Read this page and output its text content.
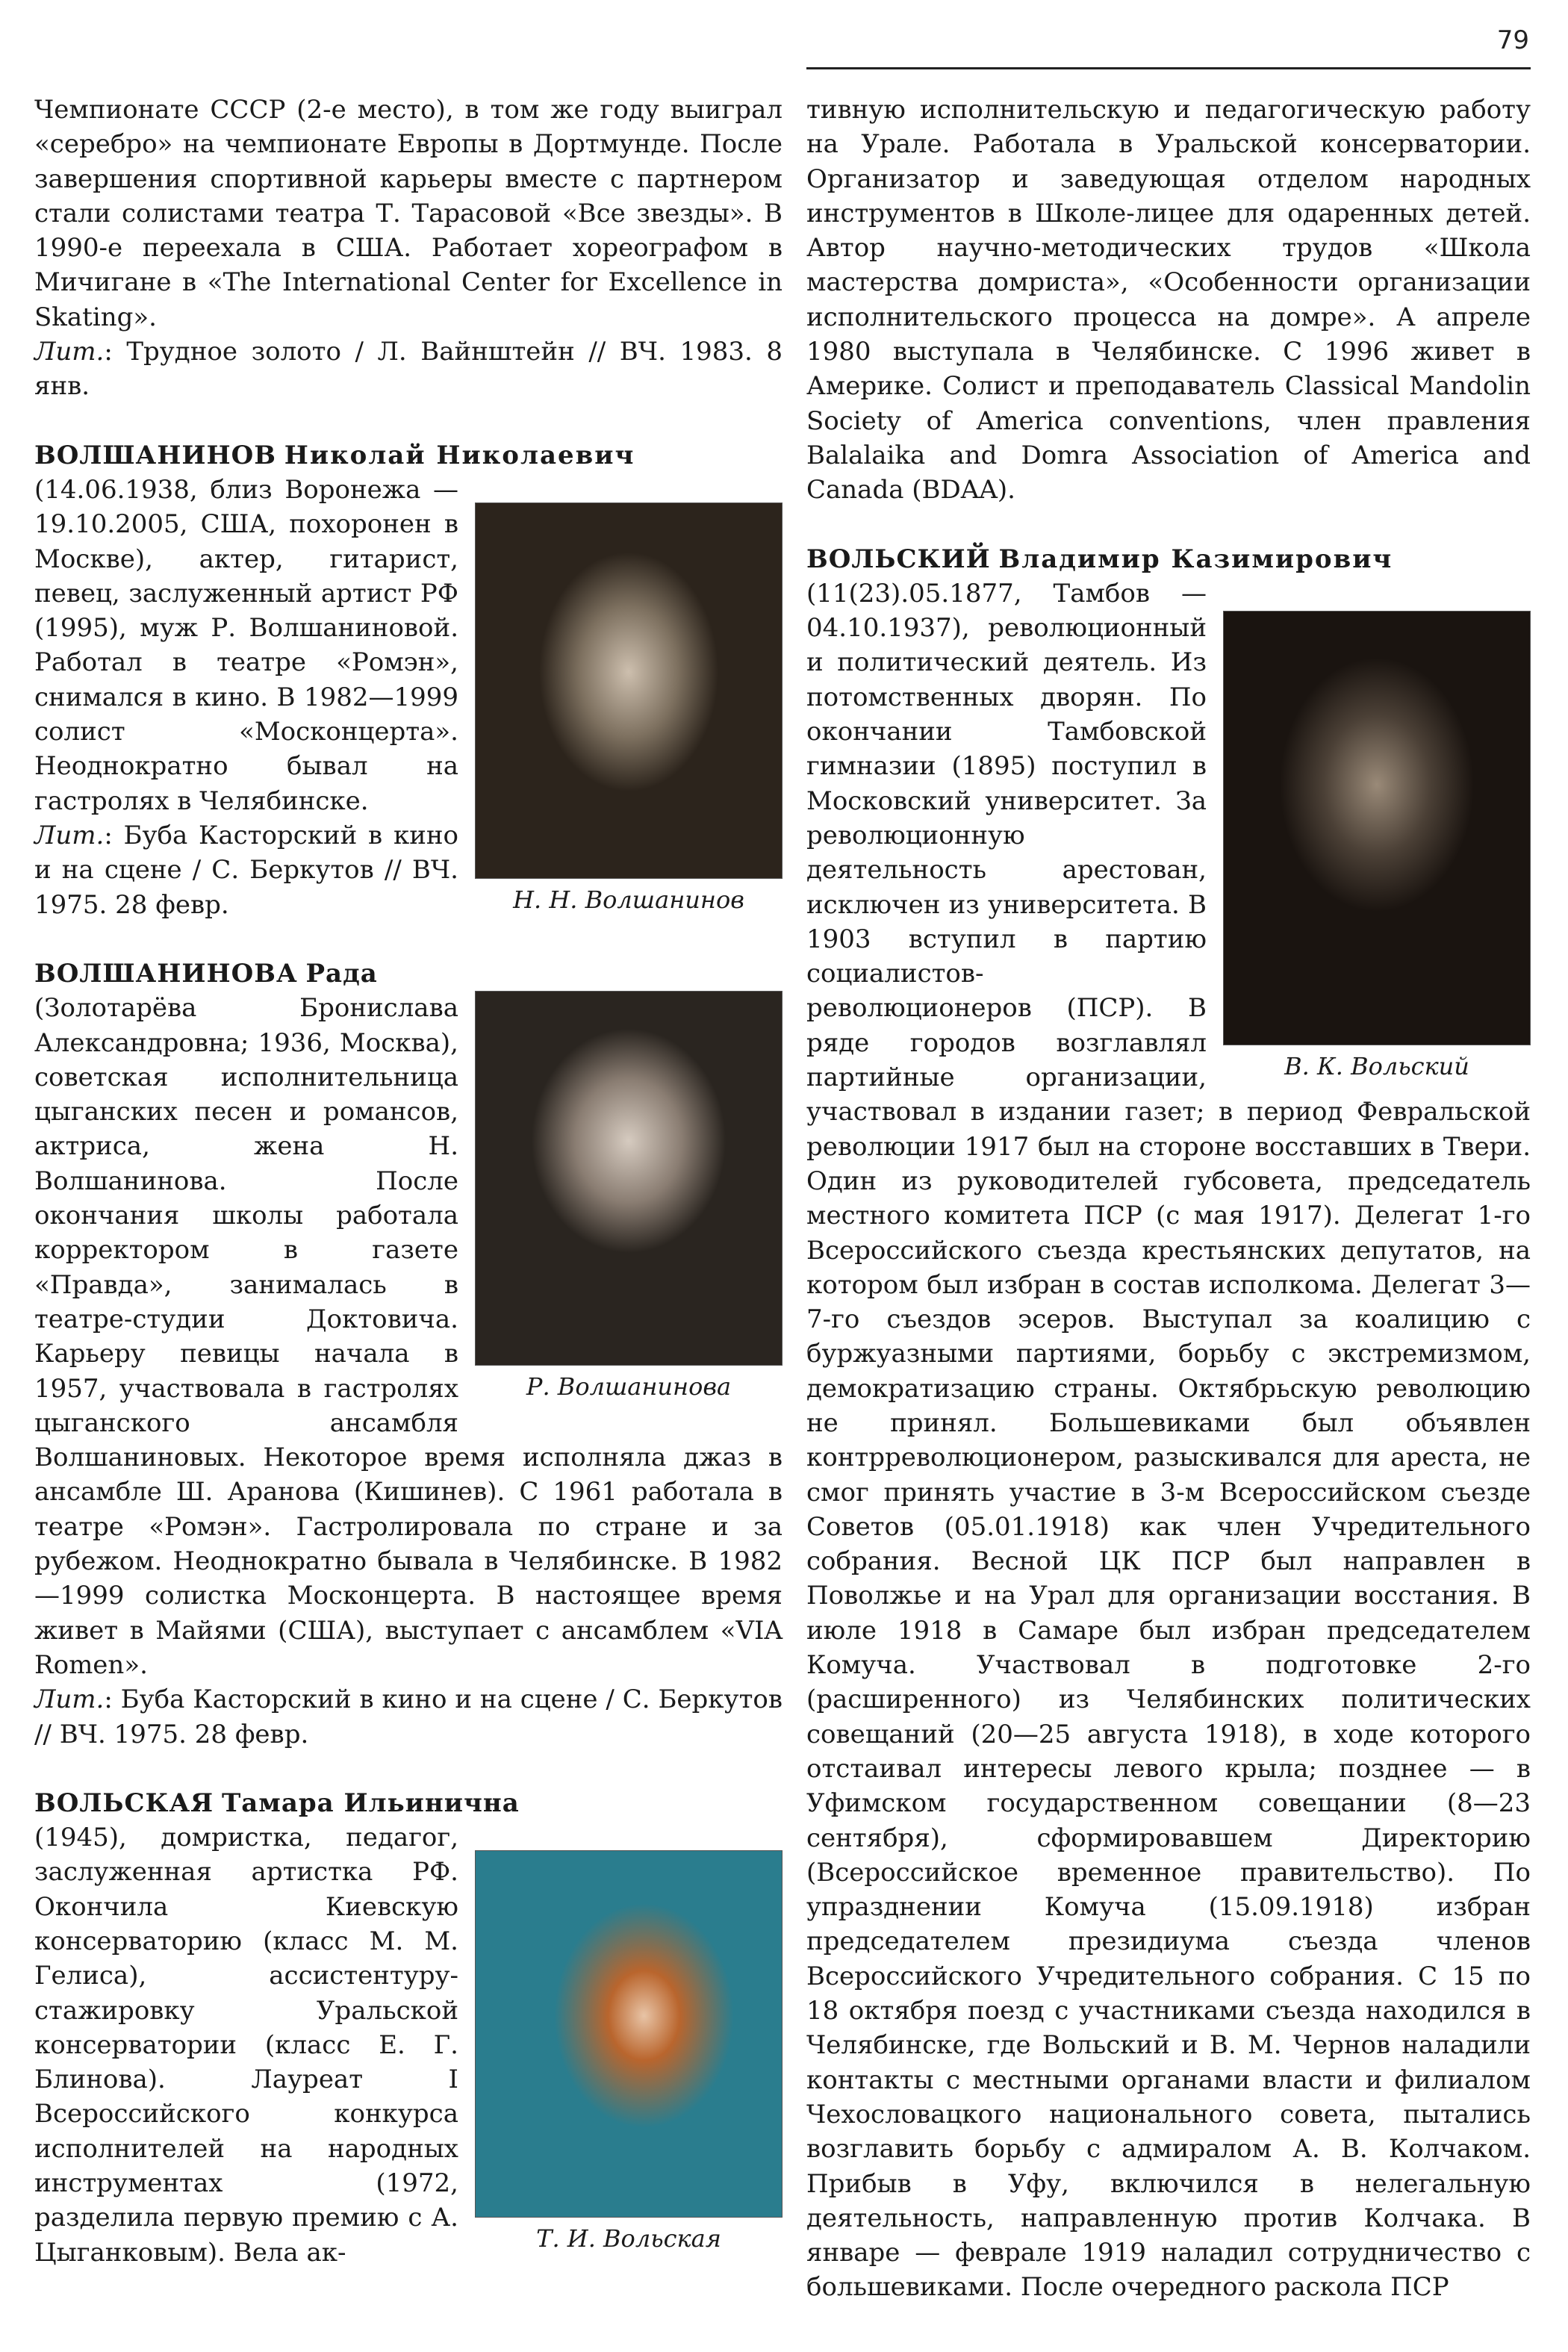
79

Чемпионате СССР (2-е место), в том же году выиграл «серебро» на чемпионате Европы в Дортмунде. После завершения спортивной карьеры вместе с партнером стали солистами театра Т. Тарасовой «Все звезды». В 1990-е переехала в США. Работает хореографом в Мичигане в «The International Center for Excellence in Skating».

Лит.: Трудное золото / Л. Вайнштейн // ВЧ. 1983. 8 янв.

ВОЛШАНИНОВ Николай Николаевич

Н. Н. Волшанинов

(14.06.1938, близ Воронежа — 19.10.2005, США, похоронен в Москве), актер, гитарист, певец, заслуженный артист РФ (1995), муж Р. Волшаниновой. Работал в театре «Ромэн», снимался в кино. В 1982—1999 солист «Москонцерта». Неоднократно бывал на гастролях в Челябинске.

Лит.: Буба Касторский в кино и на сцене / С. Беркутов // ВЧ. 1975. 28 февр.

ВОЛШАНИНОВА Рада

Р. Волшанинова

(Золотарёва Бронислава Александровна; 1936, Москва), советская исполнительница цыганских песен и романсов, актриса, жена Н. Волшанинова. После окончания школы работала корректором в газете «Правда», занималась в театре-студии Доктовича. Карьеру певицы начала в 1957, участвовала в гастролях цыганского ансамбля Волшаниновых. Некоторое время исполняла джаз в ансамбле Ш. Аранова (Кишинев). С 1961 работала в театре «Ромэн». Гастролировала по стране и за рубежом. Неоднократно бывала в Челябинске. В 1982—1999 солистка Москонцерта. В настоящее время живет в Майями (США), выступает с ансамблем «VIA Romen».

Лит.: Буба Касторский в кино и на сцене / С. Беркутов // ВЧ. 1975. 28 февр.

ВОЛЬСКАЯ Тамара Ильинична

Т. И. Вольская

(1945), домристка, педагог, заслуженная артистка РФ. Окончила Киевскую консерваторию (класс М. М. Гелиса), ассистентуру-стажировку Уральской консерватории (класс Е. Г. Блинова). Лауреат I Всероссийского конкурса исполнителей на народных инструментах (1972, разделила первую премию с А. Цыганковым). Вела ак-

тивную исполнительскую и педагогическую работу на Урале. Работала в Уральской консерватории. Организатор и заведующая отделом народных инструментов в Школе-лицее для одаренных детей. Автор научно-методических трудов «Школа мастерства домриста», «Особенности организации исполнительского процесса на домре». А апреле 1980 выступала в Челябинске. С 1996 живет в Америке. Солист и преподаватель Classical Mandolin Society of America conventions, член правления Balalaika and Domra Association of America and Canada (BDAA).

ВОЛЬСКИЙ Владимир Казимирович

В. К. Вольский

(11(23).05.1877, Тамбов — 04.10.1937), революционный и политический деятель. Из потомственных дворян. По окончании Тамбовской гимназии (1895) поступил в Московский университет. За революционную деятельность арестован, исключен из университета. В 1903 вступил в партию социалистов-революционеров (ПСР). В ряде городов возглавлял партийные организации, участвовал в издании газет; в период Февральской революции 1917 был на стороне восставших в Твери. Один из руководителей губсовета, председатель местного комитета ПСР (с мая 1917). Делегат 1-го Всероссийского съезда крестьянских депутатов, на котором был избран в состав исполкома. Делегат 3—7-го съездов эсеров. Выступал за коалицию с буржуазными партиями, борьбу с экстремизмом, демократизацию страны. Октябрьскую революцию не принял. Большевиками был объявлен контрреволюционером, разыскивался для ареста, не смог принять участие в 3-м Всероссийском съезде Советов (05.01.1918) как член Учредительного собрания. Весной ЦК ПСР был направлен в Поволжье и на Урал для организации восстания. В июле 1918 в Самаре был избран председателем Комуча. Участвовал в подготовке 2-го (расширенного) из Челябинских политических совещаний (20—25 августа 1918), в ходе которого отстаивал интересы левого крыла; позднее — в Уфимском государственном совещании (8—23 сентября), сформировавшем Директорию (Всероссийское временное правительство). По упразднении Комуча (15.09.1918) избран председателем президиума съезда членов Всероссийского Учредительного собрания. С 15 по 18 октября поезд с участниками съезда находился в Челябинске, где Вольский и В. М. Чернов наладили контакты с местными органами власти и филиалом Чехословацкого национального совета, пытались возглавить борьбу с адмиралом А. В. Колчаком. Прибыв в Уфу, включился в нелегальную деятельность, направленную против Колчака. В январе — феврале 1919 наладил сотрудничество с большевиками. После очередного раскола ПСР
